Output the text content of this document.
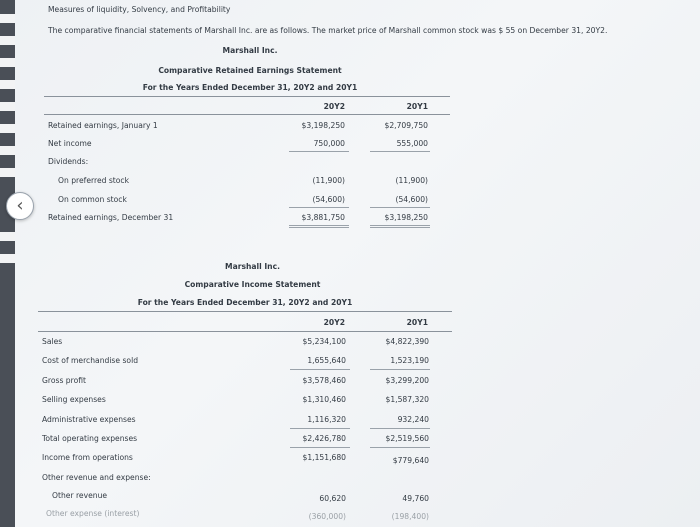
‹
Measures of liquidity, Solvency, and Profitability
The comparative financial statements of Marshall Inc. are as follows. The market price of Marshall common stock was $ 55 on December 31, 20Y2.
Marshall Inc.
Comparative Retained Earnings Statement
For the Years Ended December 31, 20Y2 and 20Y1
20Y2	20Y1
Retained earnings, January 1	$3,198,250	$2,709,750
Net income	750,000	555,000
Dividends:
On preferred stock	(11,900)	(11,900)
On common stock	(54,600)	(54,600)
Retained earnings, December 31	$3,881,750	$3,198,250
Marshall Inc.
Comparative Income Statement
For the Years Ended December 31, 20Y2 and 20Y1
20Y2	20Y1
Sales	$5,234,100	$4,822,390
Cost of merchandise sold	1,655,640	1,523,190
Gross profit	$3,578,460	$3,299,200
Selling expenses	$1,310,460	$1,587,320
Administrative expenses	1,116,320	932,240
Total operating expenses	$2,426,780	$2,519,560
Income from operations	$1,151,680	$779,640
Other revenue and expense:
Other revenue	60,620	49,760
Other expense (interest)	(360,000)	(198,400)
